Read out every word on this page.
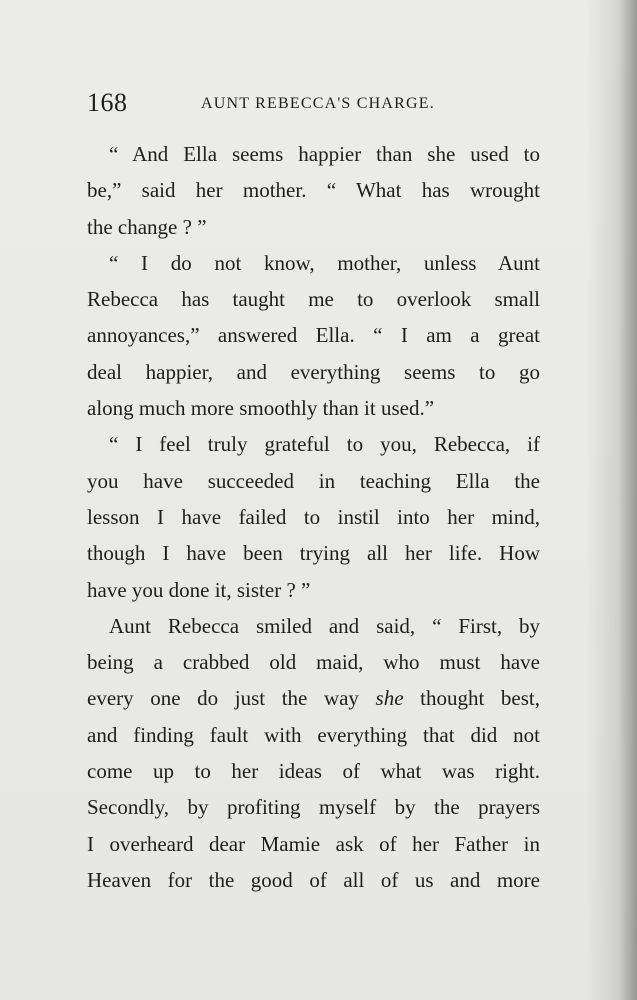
168	AUNT REBECCA'S CHARGE.
“ And Ella seems happier than she used to
be,” said her mother. “ What has wrought
the change ? ”
“ I do not know, mother, unless Aunt
Rebecca has taught me to overlook small
annoyances,” answered Ella. “ I am a great
deal happier, and everything seems to go
along much more smoothly than it used.”
“ I feel truly grateful to you, Rebecca, if
you have succeeded in teaching Ella the
lesson I have failed to instil into her mind,
though I have been trying all her life. How
have you done it, sister ? ”
Aunt Rebecca smiled and said, “ First, by
being a crabbed old maid, who must have
every one do just the way she thought best,
and finding fault with everything that did not
come up to her ideas of what was right.
Secondly, by profiting myself by the prayers
I overheard dear Mamie ask of her Father in
Heaven for the good of all of us and more
